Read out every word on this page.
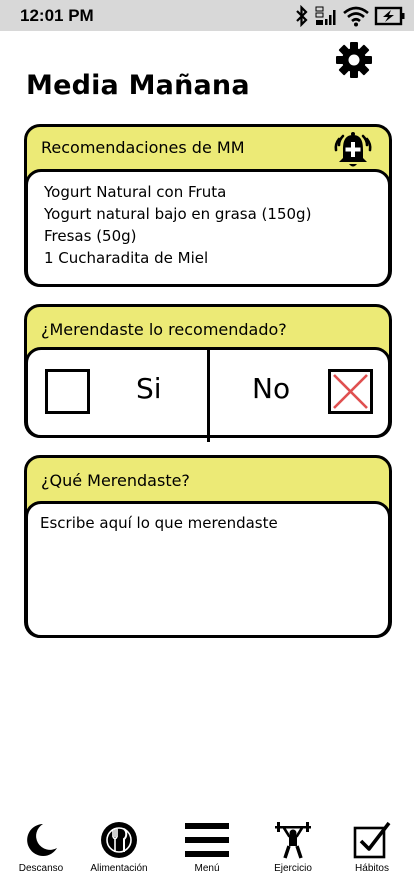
12:01 PM
Media Mañana
Recomendaciones de MM
Yogurt Natural con Fruta
Yogurt natural bajo en grasa (150g)
Fresas (50g)
1 Cucharadita de Miel
¿Merendaste lo recomendado?
Si	No
¿Qué Merendaste?
Escribe aquí lo que merendaste
Descanso	Alimentación	Menú	Ejercicio	Hábitos
